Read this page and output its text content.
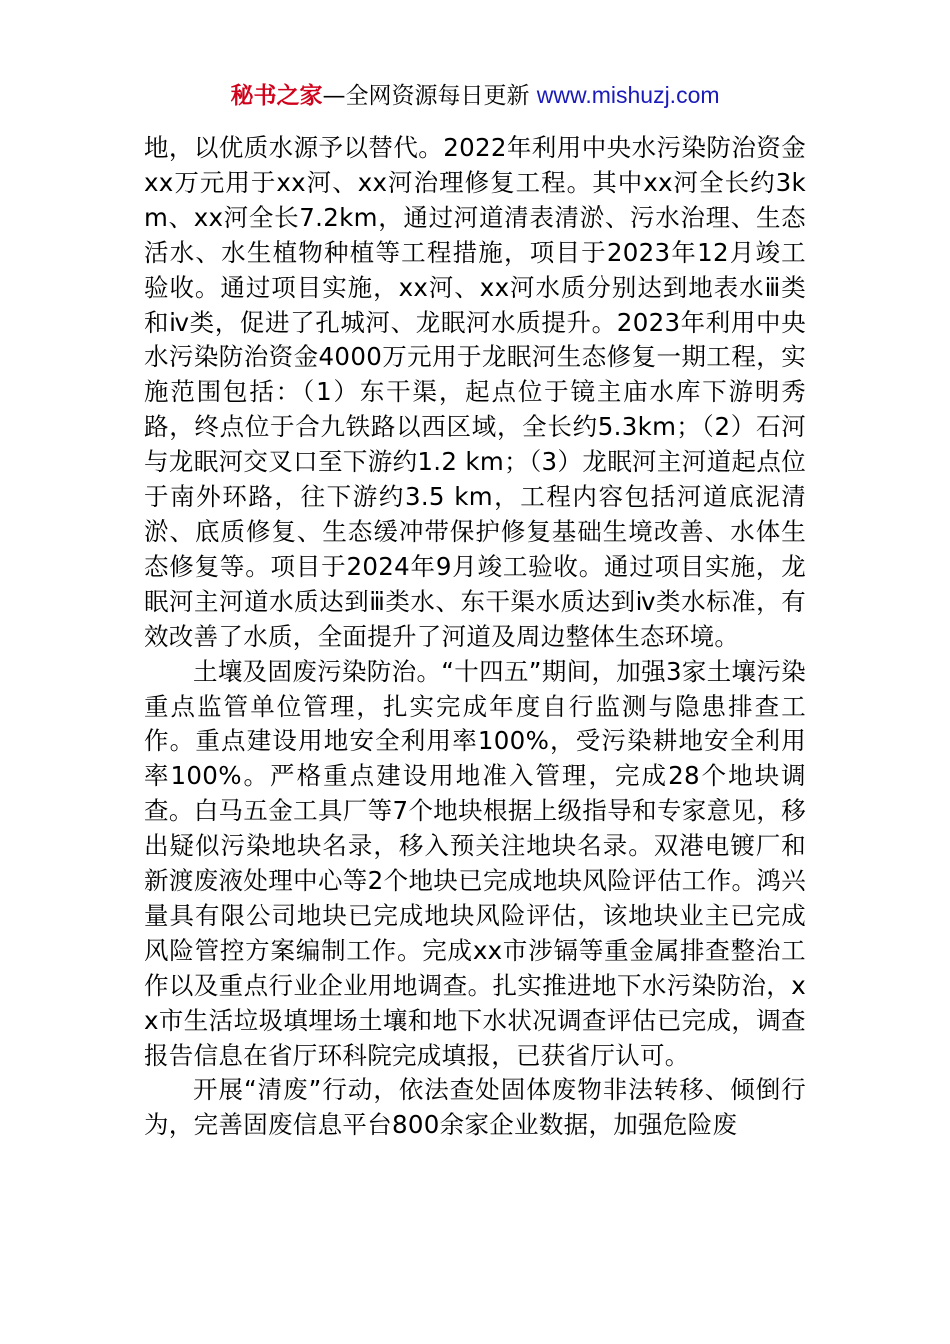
秘书之家—全网资源每日更新 www.mishuzj.com

地，以优质水源予以替代。2022年利用中央水污染防治资金xx万元用于xx河、xx河治理修复工程。其中xx河全长约3km、xx河全长7.2km，通过河道清表清淤、污水治理、生态活水、水生植物种植等工程措施，项目于2023年12月竣工验收。通过项目实施，xx河、xx河水质分别达到地表水ⅲ类和ⅳ类，促进了孔城河、龙眠河水质提升。2023年利用中央水污染防治资金4000万元用于龙眠河生态修复一期工程，实施范围包括：（1）东干渠，起点位于镜主庙水库下游明秀路，终点位于合九铁路以西区域，全长约5.3km；（2）石河与龙眠河交叉口至下游约1.2 km；（3）龙眠河主河道起点位于南外环路，往下游约3.5 km，工程内容包括河道底泥清淤、底质修复、生态缓冲带保护修复基础生境改善、水体生态修复等。项目于2024年9月竣工验收。通过项目实施，龙眠河主河道水质达到ⅲ类水、东干渠水质达到ⅳ类水标准，有效改善了水质，全面提升了河道及周边整体生态环境。

土壤及固废污染防治。“十四五”期间，加强3家土壤污染重点监管单位管理，扎实完成年度自行监测与隐患排查工作。重点建设用地安全利用率100%，受污染耕地安全利用率100%。严格重点建设用地准入管理，完成28个地块调查。白马五金工具厂等7个地块根据上级指导和专家意见，移出疑似污染地块名录，移入预关注地块名录。双港电镀厂和新渡废液处理中心等2个地块已完成地块风险评估工作。鸿兴量具有限公司地块已完成地块风险评估，该地块业主已完成风险管控方案编制工作。完成xx市涉镉等重金属排查整治工作以及重点行业企业用地调查。扎实推进地下水污染防治，xx市生活垃圾填埋场土壤和地下水状况调查评估已完成，调查报告信息在省厅环科院完成填报，已获省厅认可。

开展“清废”行动，依法查处固体废物非法转移、倾倒行为，完善固废信息平台800余家企业数据，加强危险废
